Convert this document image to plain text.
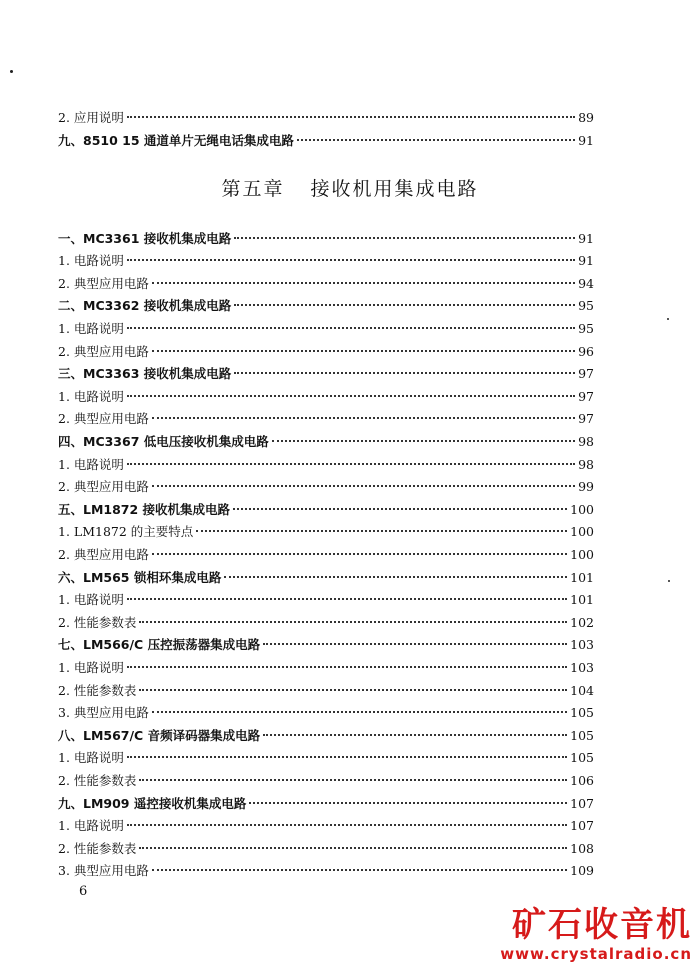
2. 应用说明	89
九、8510 15 通道单片无绳电话集成电路	91
第五章 接收机用集成电路
一、MC3361 接收机集成电路	91
1. 电路说明	91
2. 典型应用电路	94
二、MC3362 接收机集成电路	95
1. 电路说明	95
2. 典型应用电路	96
三、MC3363 接收机集成电路	97
1. 电路说明	97
2. 典型应用电路	97
四、MC3367 低电压接收机集成电路	98
1. 电路说明	98
2. 典型应用电路	99
五、LM1872 接收机集成电路	100
1. LM1872 的主要特点	100
2. 典型应用电路	100
六、LM565 锁相环集成电路	101
1. 电路说明	101
2. 性能参数表	102
七、LM566/C 压控振荡器集成电路	103
1. 电路说明	103
2. 性能参数表	104
3. 典型应用电路	105
八、LM567/C 音频译码器集成电路	105
1. 电路说明	105
2. 性能参数表	106
九、LM909 遥控接收机集成电路	107
1. 电路说明	107
2. 性能参数表	108
3. 典型应用电路	109
6
矿石收音机
www.crystalradio.cn
